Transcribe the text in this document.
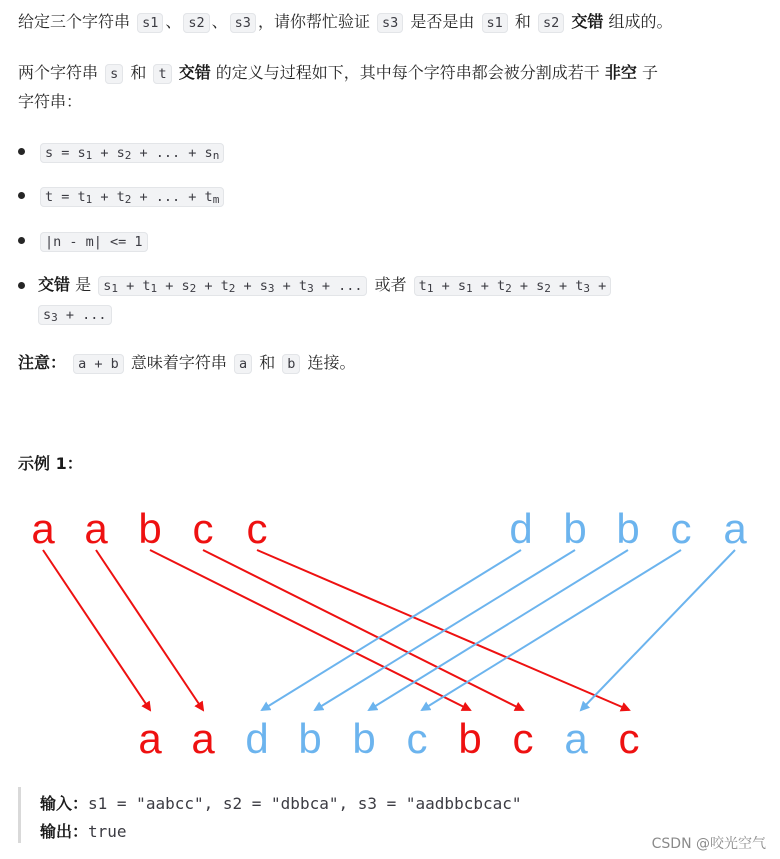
给定三个字符串 s1 、 s2 、 s3 ，请你帮忙验证 s3 是否是由 s1 和 s2 交错 组成的。
两个字符串 s 和 t 交错 的定义与过程如下，其中每个字符串都会被分割成若干 非空 子
字符串：
$s = s_1 + s_2$ + ... + $s_n$
$t = t_1 + t_2$ + ... + $t_m$
|n - m| <= 1
交错 是 $s_1 + t_1 + s_2 + t_2 + s_3 + t_3$ + ... 或者 $t_1 + s_1 + t_2 + s_2 + t_3$ +
$s_3$ + ...
注意： a + b 意味着字符串 a 和 b 连接。
示例 1：
a a b c c	d b b c a
a a d b b c b c a c
输入：s1 = "aabcc", s2 = "dbbca", s3 = "aadbbcbcac"
输出：true
CSDN @咬光空气
